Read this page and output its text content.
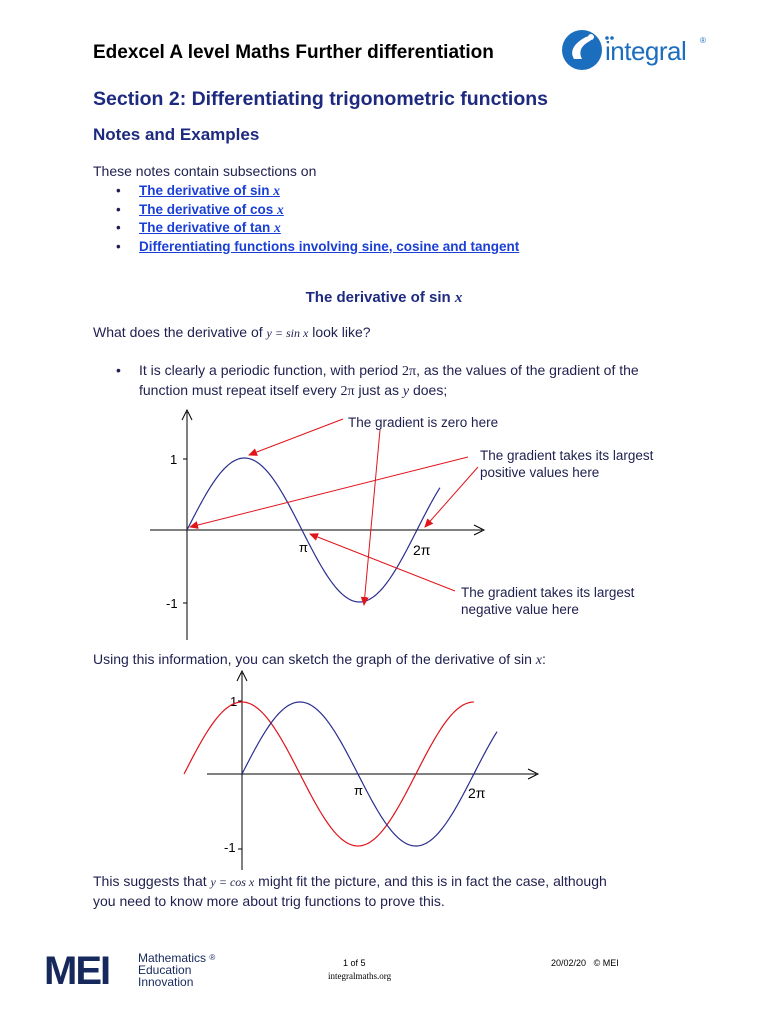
Edexcel A level Maths Further differentiation	integral ®
Section 2: Differentiating trigonometric functions
Notes and Examples
These notes contain subsections on
• The derivative of sin x
• The derivative of cos x
• The derivative of tan x
• Differentiating functions involving sine, cosine and tangent
The derivative of sin x
What does the derivative of y = sin x look like?
• It is clearly a periodic function, with period 2π, as the values of the gradient of the function must repeat itself every 2π just as y does;
1
-1
π	2π
The gradient is zero here
The gradient takes its largest
positive values here
The gradient takes its largest
negative value here
Using this information, you can sketch the graph of the derivative of sin x:
1
-1
π	2π
This suggests that y = cos x might fit the picture, and this is in fact the case, although
you need to know more about trig functions to prove this.
MEI Mathematics ®
Education
Innovation
1 of 5
integralmaths.org
20/02/20 © MEI
